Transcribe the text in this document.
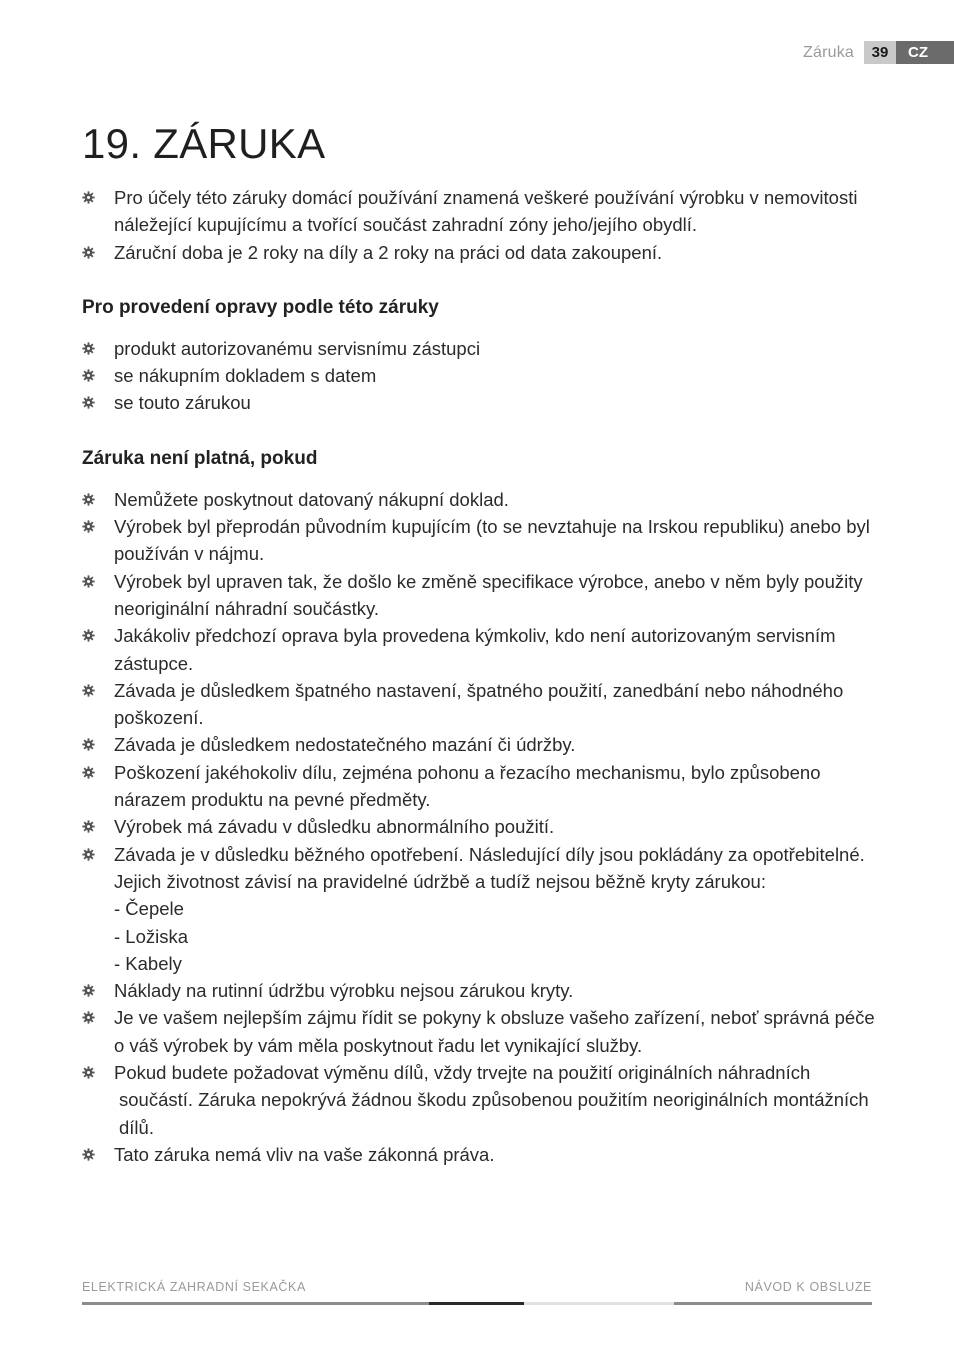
Záruka	39	CZ
19. ZÁRUKA
Pro účely této záruky domácí používání znamená veškeré používání výrobku v nemovitosti náležející kupujícímu a tvořící součást zahradní zóny jeho/jejího obydlí.
Záruční doba je 2 roky na díly a 2 roky na práci od data zakoupení.
Pro provedení opravy podle této záruky
produkt autorizovanému servisnímu zástupci
se nákupním dokladem s datem
se touto zárukou
Záruka není platná, pokud
Nemůžete poskytnout datovaný nákupní doklad.
Výrobek byl přeprodán původním kupujícím (to se nevztahuje na Irskou republiku) anebo byl používán v nájmu.
Výrobek byl upraven tak, že došlo ke změně specifikace výrobce, anebo v něm byly použity neoriginální náhradní součástky.
Jakákoliv předchozí oprava byla provedena kýmkoliv, kdo není autorizovaným servisním zástupce.
Závada je důsledkem špatného nastavení, špatného použití, zanedbání nebo náhodného poškození.
Závada je důsledkem nedostatečného mazání či údržby.
Poškození jakéhokoliv dílu, zejména pohonu a řezacího mechanismu, bylo způsobeno nárazem produktu na pevné předměty.
Výrobek má závadu v důsledku abnormálního použití.
Závada je v důsledku běžného opotřebení. Následující díly jsou pokládány za opotřebitelné. Jejich životnost závisí na pravidelné údržbě a tudíž nejsou běžně kryty zárukou:
- Čepele
- Ložiska
- Kabely
Náklady na rutinní údržbu výrobku nejsou zárukou kryty.
Je ve vašem nejlepším zájmu řídit se pokyny k obsluze vašeho zařízení, neboť správná péče o váš výrobek by vám měla poskytnout řadu let vynikající služby.
Pokud budete požadovat výměnu dílů, vždy trvejte na použití originálních náhradních
součástí. Záruka nepokrývá žádnou škodu způsobenou použitím neoriginálních montážních dílů.
Tato záruka nemá vliv na vaše zákonná práva.
ELEKTRICKÁ ZAHRADNÍ SEKAČKA	NÁVOD K OBSLUZE
